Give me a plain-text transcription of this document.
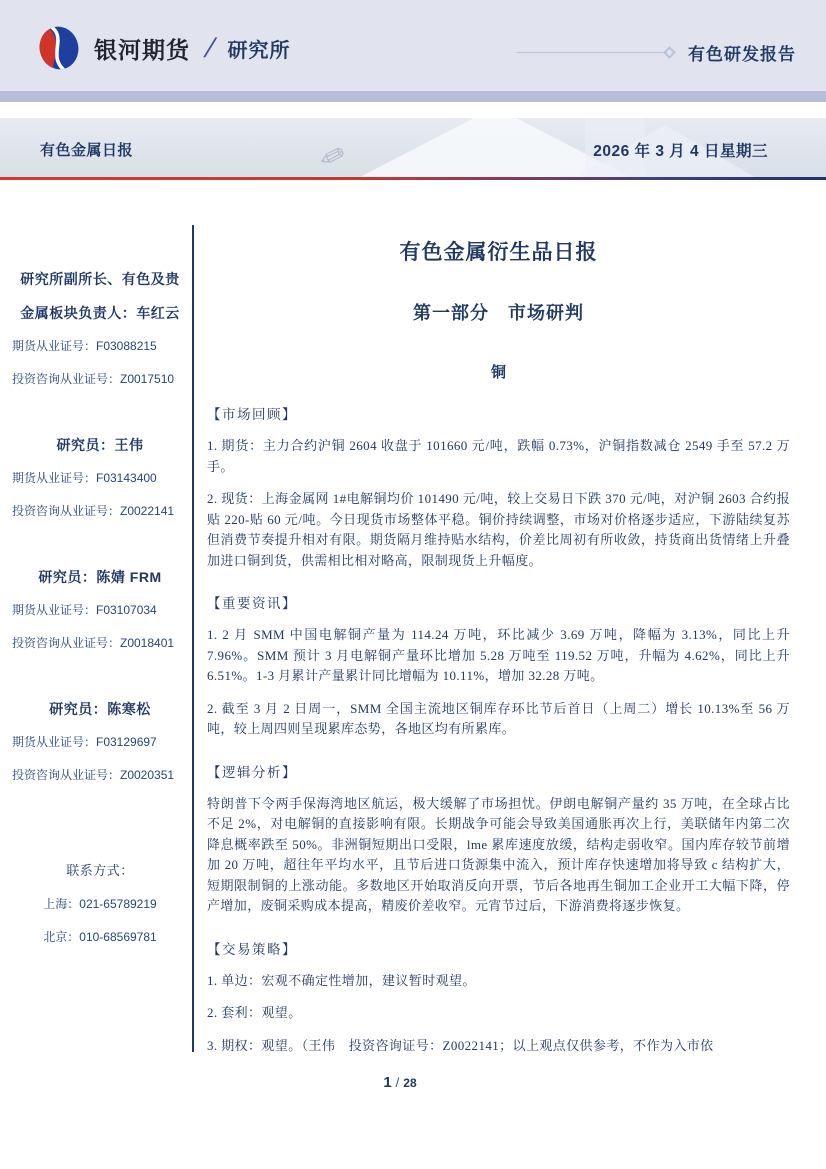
银河期货 / 研究所	有色研发报告
✎
有色金属日报	2026 年 3 月 4 日星期三
研究所副所长、有色及贵
金属板块负责人：车红云
期货从业证号：F03088215
投资咨询从业证号：Z0017510
研究员：王伟
期货从业证号：F03143400
投资咨询从业证号：Z0022141
研究员：陈婧 FRM
期货从业证号：F03107034
投资咨询从业证号：Z0018401
研究员：陈寒松
期货从业证号：F03129697
投资咨询从业证号：Z0020351
联系方式：
上海：021-65789219
北京：010-68569781
有色金属衍生品日报
第一部分　市场研判
铜
【市场回顾】

1. 期货：主力合约沪铜 2604 收盘于 101660 元/吨，跌幅 0.73%，沪铜指数减仓 2549 手至 57.2 万手。

2. 现货：上海金属网 1#电解铜均价 101490 元/吨，较上交易日下跌 370 元/吨，对沪铜 2603 合约报贴 220-贴 60 元/吨。今日现货市场整体平稳。铜价持续调整，市场对价格逐步适应，下游陆续复苏但消费节奏提升相对有限。期货隔月维持贴水结构，价差比周初有所收敛，持货商出货情绪上升叠加进口铜到货，供需相比相对略高，限制现货上升幅度。

【重要资讯】

1. 2 月 SMM 中国电解铜产量为 114.24 万吨，环比减少 3.69 万吨，降幅为 3.13%，同比上升 7.96%。SMM 预计 3 月电解铜产量环比增加 5.28 万吨至 119.52 万吨，升幅为 4.62%，同比上升 6.51%。1-3 月累计产量累计同比增幅为 10.11%，增加 32.28 万吨。

2. 截至 3 月 2 日周一，SMM 全国主流地区铜库存环比节后首日（上周二）增长 10.13%至 56 万吨，较上周四则呈现累库态势，各地区均有所累库。

【逻辑分析】

特朗普下令两手保海湾地区航运，极大缓解了市场担忧。伊朗电解铜产量约 35 万吨，在全球占比不足 2%，对电解铜的直接影响有限。长期战争可能会导致美国通胀再次上行，美联储年内第二次降息概率跌至 50%。非洲铜短期出口受限，lme 累库速度放缓，结构走弱收窄。国内库存较节前增加 20 万吨，超往年平均水平，且节后进口货源集中流入，预计库存快速增加将导致 c 结构扩大，短期限制铜的上涨动能。多数地区开始取消反向开票，节后各地再生铜加工企业开工大幅下降，停产增加，废铜采购成本提高，精废价差收窄。元宵节过后，下游消费将逐步恢复。

【交易策略】

1. 单边：宏观不确定性增加，建议暂时观望。

2. 套利：观望。

3. 期权：观望。（王伟　投资咨询证号：Z0022141；以上观点仅供参考，不作为入市依

1 / 28
